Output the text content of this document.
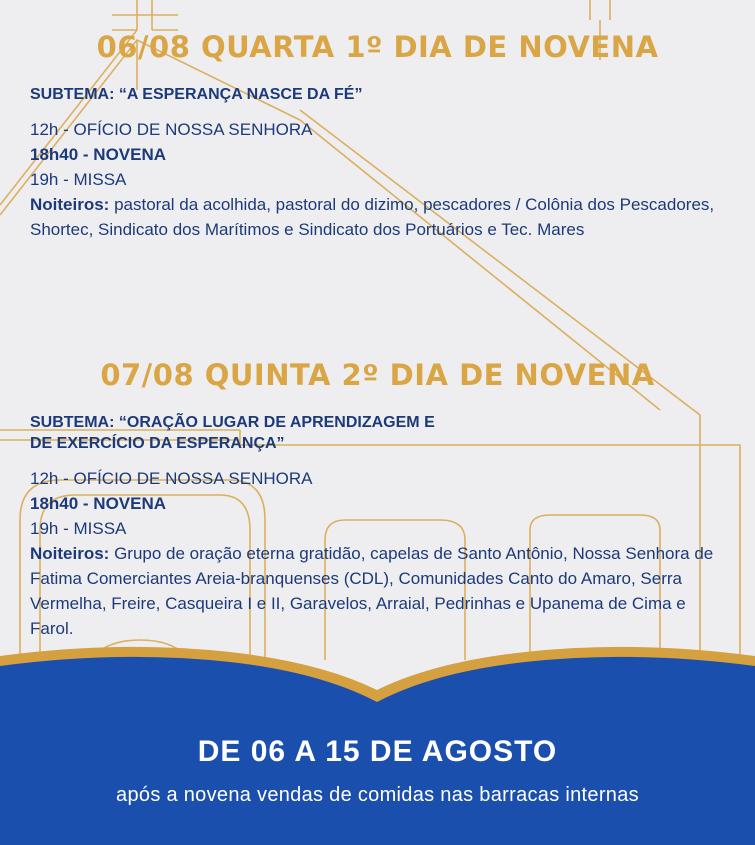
06/08 QUARTA 1º DIA DE NOVENA
SUBTEMA: “A ESPERANÇA NASCE DA FÉ”
12h - OFÍCIO DE NOSSA SENHORA
18h40 - NOVENA
19h - MISSA
Noiteiros: pastoral da acolhida, pastoral do dizimo, pescadores / Colônia dos Pescadores, Shortec, Sindicato dos Marítimos e Sindicato dos Portuários e Tec. Mares
07/08 QUINTA 2º DIA DE NOVENA
SUBTEMA: “ORAÇÃO LUGAR DE APRENDIZAGEM E
DE EXERCÍCIO DA ESPERANÇA”
12h - OFÍCIO DE NOSSA SENHORA
18h40 - NOVENA
19h - MISSA
Noiteiros: Grupo de oração eterna gratidão, capelas de Santo Antônio, Nossa Senhora de Fatima Comerciantes Areia-branquenses (CDL), Comunidades Canto do Amaro, Serra Vermelha, Freire, Casqueira I e II, Garavelos, Arraial, Pedrinhas e Upanema de Cima e Farol.
DE 06 A 15 DE AGOSTO
após a novena vendas de comidas nas barracas internas
